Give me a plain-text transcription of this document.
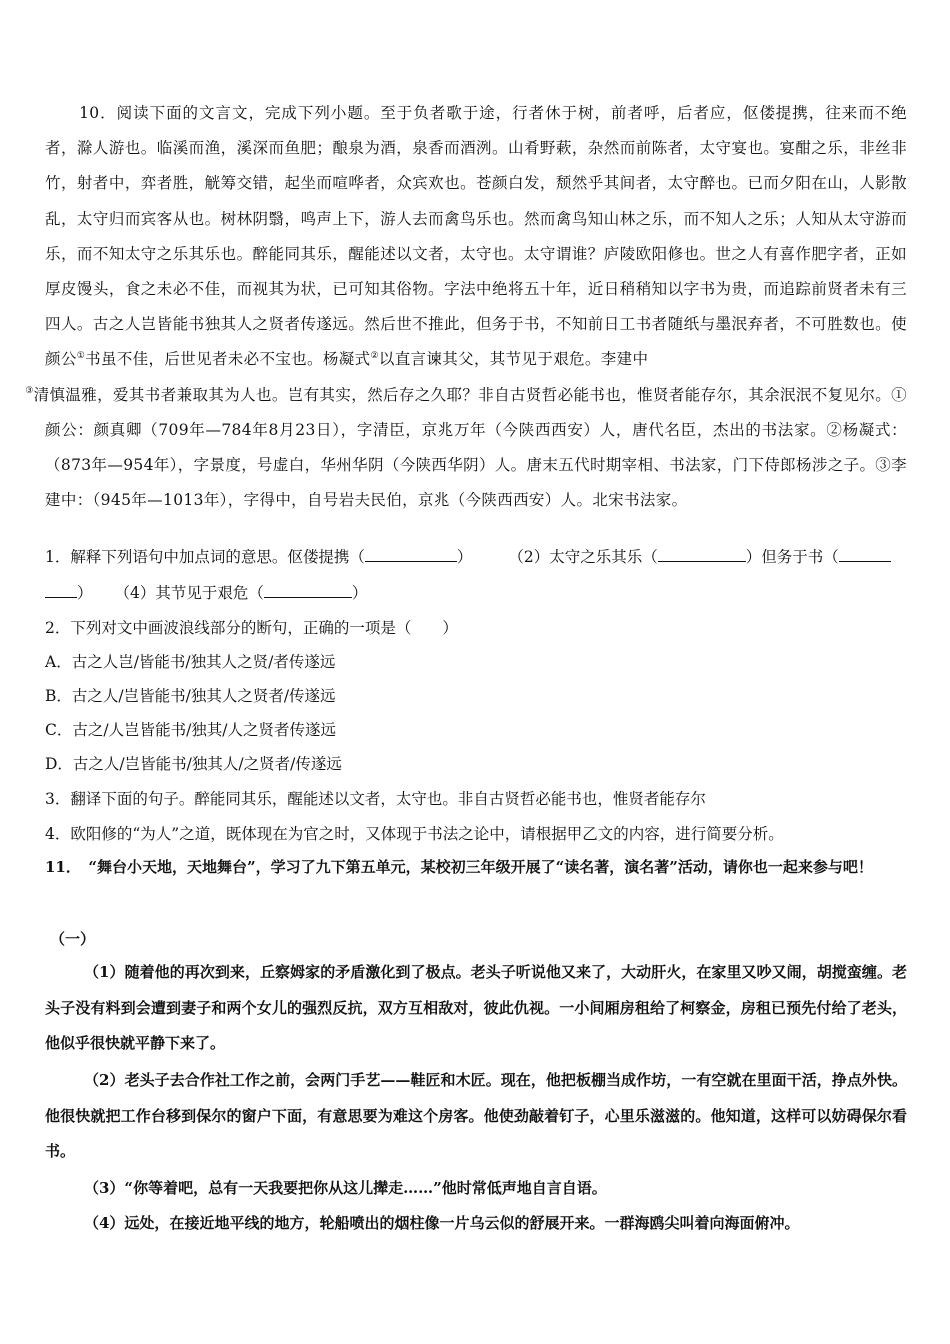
10．阅读下面的文言文，完成下列小题。至于负者歌于途，行者休于树，前者呼，后者应，伛偻提携，往来而不绝者，滁人游也。临溪而渔，溪深而鱼肥；酿泉为酒，泉香而酒洌。山肴野蔌，杂然而前陈者，太守宴也。宴酣之乐，非丝非竹，射者中，弈者胜，觥筹交错，起坐而喧哗者，众宾欢也。苍颜白发，颓然乎其间者，太守醉也。已而夕阳在山，人影散乱，太守归而宾客从也。树林阴翳，鸣声上下，游人去而禽鸟乐也。然而禽鸟知山林之乐，而不知人之乐；人知从太守游而乐，而不知太守之乐其乐也。醉能同其乐，醒能述以文者，太守也。太守谓谁？庐陵欧阳修也。世之人有喜作肥字者，正如厚皮馒头，食之未必不佳，而视其为状，已可知其俗物。字法中绝将五十年，近日稍稍知以字书为贵，而追踪前贤者未有三四人。古之人岂皆能书独其人之贤者传遂远。然后世不推此，但务于书，不知前日工书者随纸与墨泯弃者，不可胜数也。使颜公①书虽不佳，后世见者未必不宝也。杨凝式②以直言谏其父，其节见于艰危。李建中
③清慎温雅，爱其书者兼取其为人也。岂有其实，然后存之久耶？非自古贤哲必能书也，惟贤者能存尔，其余泯泯不复见尔。①颜公：颜真卿（709年—784年8月23日），字清臣，京兆万年（今陕西西安）人，唐代名臣，杰出的书法家。②杨凝式：（873年—954年），字景度，号虚白，华州华阴（今陕西华阴）人。唐末五代时期宰相、书法家，门下侍郎杨涉之子。③李建中：（945年—1013年），字得中，自号岩夫民伯，京兆（今陕西西安）人。北宋书法家。

1．解释下列语句中加点词的意思。伛偻提携（	） （2）太守之乐其乐（	）但务于书（
） （4）其节见于艰危（	）
2．下列对文中画波浪线部分的断句，正确的一项是（　　）
A．古之人岂/皆能书/独其人之贤/者传遂远
B．古之人/岂皆能书/独其人之贤者/传遂远
C．古之/人岂皆能书/独其/人之贤者传遂远
D．古之人/岂皆能书/独其人/之贤者/传遂远
3．翻译下面的句子。醉能同其乐，醒能述以文者，太守也。非自古贤哲必能书也，惟贤者能存尔
4．欧阳修的“为人”之道，既体现在为官之时，又体现于书法之论中，请根据甲乙文的内容，进行简要分析。

11．　“舞台小天地，天地舞台”，学习了九下第五单元，某校初三年级开展了“读名著，演名著”活动，请你也一起来参与吧！

（一）

（1）随着他的再次到来，丘察姆家的矛盾激化到了极点。老头子听说他又来了，大动肝火，在家里又吵又闹，胡搅蛮缠。老头子没有料到会遭到妻子和两个女儿的强烈反抗，双方互相敌对，彼此仇视。一小间厢房租给了柯察金，房租已预先付给了老头，他似乎很快就平静下来了。

（2）老头子去合作社工作之前，会两门手艺——鞋匠和木匠。现在，他把板棚当成作坊，一有空就在里面干活，挣点外快。他很快就把工作台移到保尔的窗户下面，有意思要为难这个房客。他使劲敲着钉子，心里乐滋滋的。他知道，这样可以妨碍保尔看书。

（3）“你等着吧，总有一天我要把你从这儿撵走……”他时常低声地自言自语。

（4）远处，在接近地平线的地方，轮船喷出的烟柱像一片乌云似的舒展开来。一群海鸥尖叫着向海面俯冲。
